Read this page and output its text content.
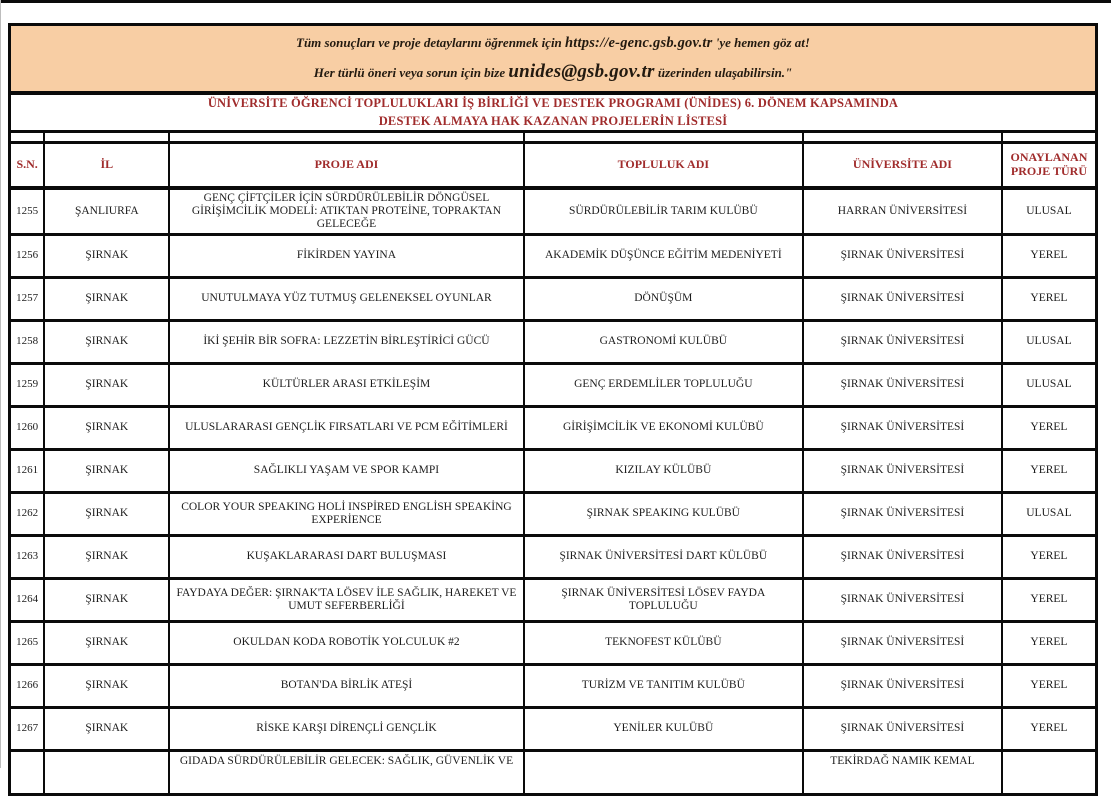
Tüm sonuçları ve proje detaylarını öğrenmek için https://e-genc.gsb.gov.tr 'ye hemen göz at!

Her türlü öneri veya sorun için bize unides@gsb.gov.tr üzerinden ulaşabilirsin."

ÜNİVERSİTE ÖĞRENCİ TOPLULUKLARI İŞ BİRLİĞİ VE DESTEK PROGRAMI (ÜNİDES) 6. DÖNEM KAPSAMINDA
DESTEK ALMAYA HAK KAZANAN PROJELERİN LİSTESİ

S.N.	İL	PROJE ADI	TOPLULUK ADI	ÜNİVERSİTE ADI	ONAYLANAN PROJE TÜRÜ
1255	ŞANLIURFA	GENÇ ÇİFTÇİLER İÇİN SÜRDÜRÜLEBİLİR DÖNGÜSEL GİRİŞİMCİLİK MODELİ: ATIKTAN PROTEİNE, TOPRAKTAN GELECEĞE	SÜRDÜRÜLEBİLİR TARIM KULÜBÜ	HARRAN ÜNİVERSİTESİ	ULUSAL
1256	ŞIRNAK	FİKİRDEN YAYINA	AKADEMİK DÜŞÜNCE EĞİTİM MEDENİYETİ	ŞIRNAK ÜNİVERSİTESİ	YEREL
1257	ŞIRNAK	UNUTULMAYA YÜZ TUTMUŞ GELENEKSEL OYUNLAR	DÖNÜŞÜM	ŞIRNAK ÜNİVERSİTESİ	YEREL
1258	ŞIRNAK	İKİ ŞEHİR BİR SOFRA: LEZZETİN BİRLEŞTİRİCİ GÜCÜ	GASTRONOMİ KULÜBÜ	ŞIRNAK ÜNİVERSİTESİ	ULUSAL
1259	ŞIRNAK	KÜLTÜRLER ARASI ETKİLEŞİM	GENÇ ERDEMLİLER TOPLULUĞU	ŞIRNAK ÜNİVERSİTESİ	ULUSAL
1260	ŞIRNAK	ULUSLARARASI GENÇLİK FIRSATLARI VE PCM EĞİTİMLERİ	GİRİŞİMCİLİK VE EKONOMİ KULÜBÜ	ŞIRNAK ÜNİVERSİTESİ	YEREL
1261	ŞIRNAK	SAĞLIKLI YAŞAM VE SPOR KAMPI	KIZILAY KÜLÜBÜ	ŞIRNAK ÜNİVERSİTESİ	YEREL
1262	ŞIRNAK	COLOR YOUR SPEAKING HOLİ INSPİRED ENGLİSH SPEAKİNG EXPERİENCE	ŞIRNAK SPEAKING KULÜBÜ	ŞIRNAK ÜNİVERSİTESİ	ULUSAL
1263	ŞIRNAK	KUŞAKLARARASI DART BULUŞMASI	ŞIRNAK ÜNİVERSİTESİ DART KÜLÜBÜ	ŞIRNAK ÜNİVERSİTESİ	YEREL
1264	ŞIRNAK	FAYDAYA DEĞER: ŞIRNAK'TA LÖSEV İLE SAĞLIK, HAREKET VE UMUT SEFERBERLİĞİ	ŞIRNAK ÜNİVERSİTESİ LÖSEV FAYDA TOPLULUĞU	ŞIRNAK ÜNİVERSİTESİ	YEREL
1265	ŞIRNAK	OKULDAN KODA ROBOTİK YOLCULUK #2	TEKNOFEST KÜLÜBÜ	ŞIRNAK ÜNİVERSİTESİ	YEREL
1266	ŞIRNAK	BOTAN'DA BİRLİK ATEŞİ	TURİZM VE TANITIM KULÜBÜ	ŞIRNAK ÜNİVERSİTESİ	YEREL
1267	ŞIRNAK	RİSKE KARŞI DİRENÇLİ GENÇLİK	YENİLER KULÜBÜ	ŞIRNAK ÜNİVERSİTESİ	YEREL
		GIDADA SÜRDÜRÜLEBİLİR GELECEK: SAĞLIK, GÜVENLİK VE		TEKİRDAĞ NAMIK KEMAL	
